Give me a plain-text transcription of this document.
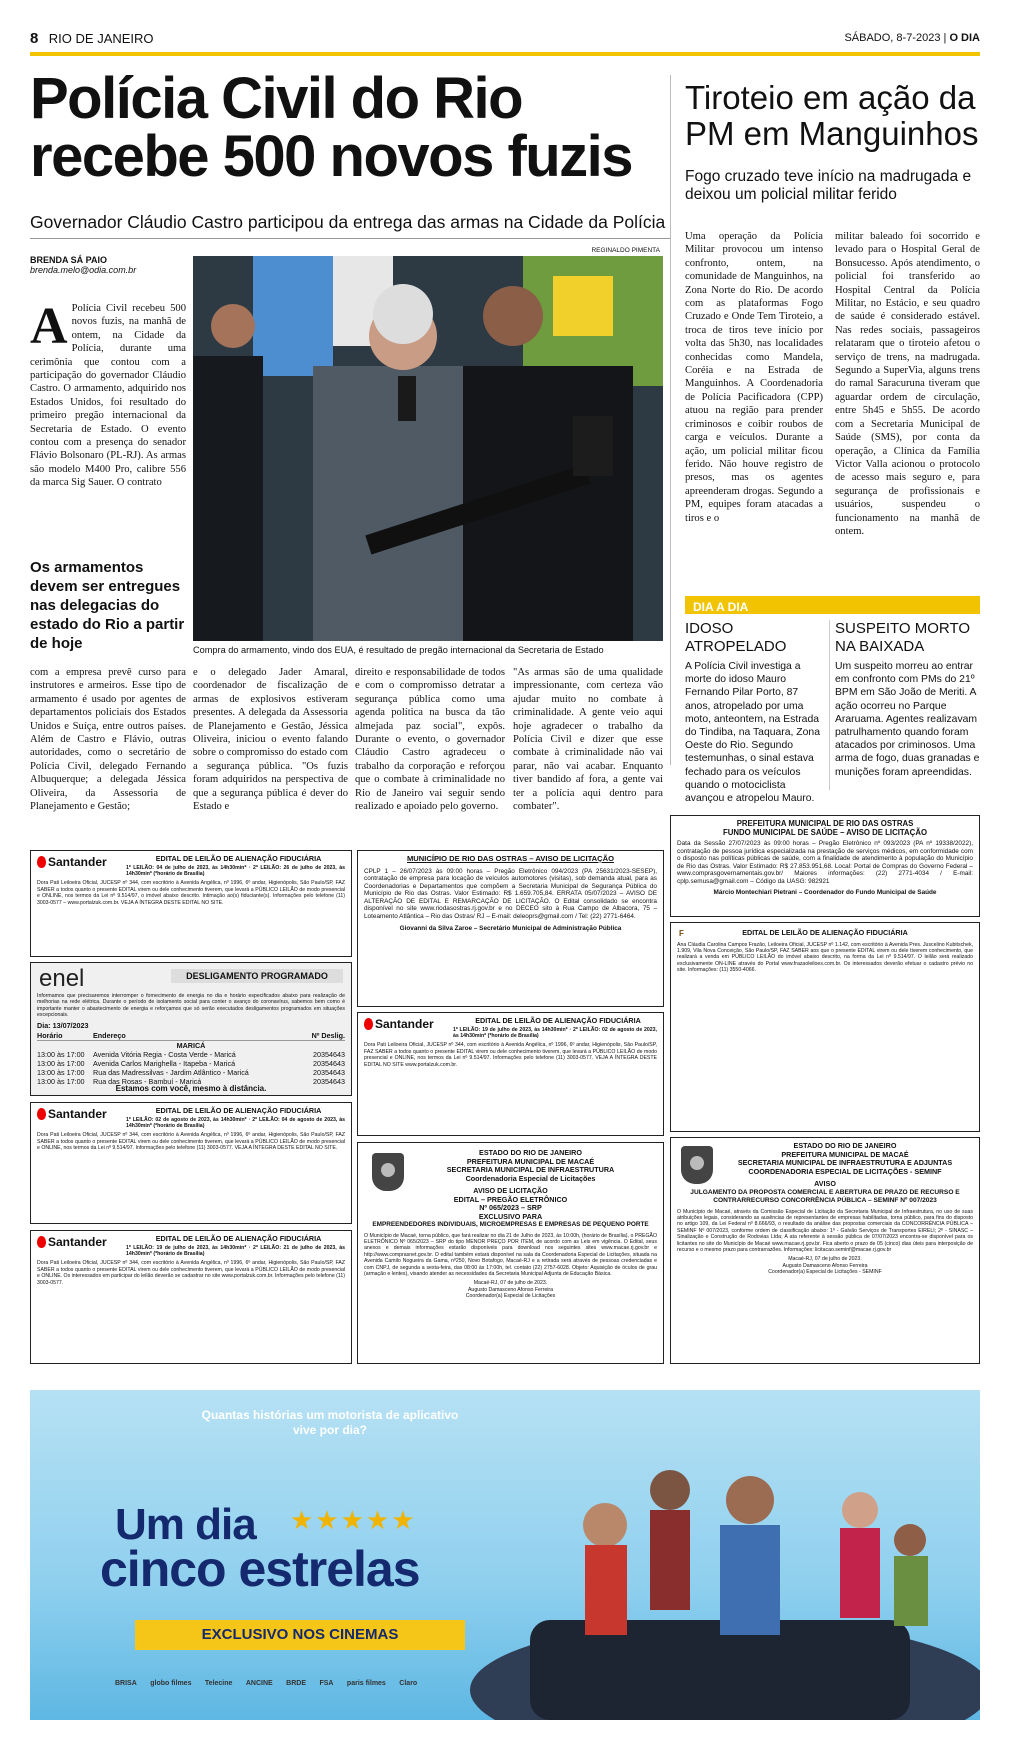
8 RIO DE JANEIRO	SÁBADO, 8-7-2023 | O DIA
Polícia Civil do Rio recebe 500 novos fuzis
Governador Cláudio Castro participou da entrega das armas na Cidade da Polícia
BRENDA SÁ PAIO
brenda.melo@odia.com.br
REGINALDO PIMENTA
Compra do armamento, vindo dos EUA, é resultado de pregão internacional da Secretaria de Estado
A Polícia Civil recebeu 500 novos fuzis, na manhã de ontem, na Cidade da Polícia, durante uma cerimônia que contou com a participação do governador Cláudio Castro. O armamento, adquirido nos Estados Unidos, foi resultado do primeiro pregão internacional da Secretaria de Estado. O evento contou com a presença do senador Flávio Bolsonaro (PL-RJ). As armas são modelo M400 Pro, calibre 556 da marca Sig Sauer. O contrato
Os armamentos devem ser entregues nas delegacias do estado do Rio a partir de hoje
com a empresa prevê curso para instrutores e armeiros. Esse tipo de armamento é usado por agentes de departamentos policiais dos Estados Unidos e Suíça, entre outros países. Além de Castro e Flávio, outras autoridades, como o secretário de Polícia Civil, delegado Fernando Albuquerque; a delegada Jéssica Oliveira, da Assessoria de Planejamento e Gestão;
e o delegado Jader Amaral, coordenador de fiscalização de armas de explosivos estiveram presentes. A delegada da Assessoria de Planejamento e Gestão, Jéssica Oliveira, iniciou o evento falando sobre o compromisso do estado com a segurança pública. "Os fuzis foram adquiridos na perspectiva de que a segurança pública é dever do Estado e
direito e responsabilidade de todos e com o compromisso detratar a segurança pública como uma agenda política na busca da tão almejada paz social", expôs. Durante o evento, o governador Cláudio Castro agradeceu o trabalho da corporação e reforçou que o combate à criminalidade no Rio de Janeiro vai seguir sendo realizado e apoiado pelo governo.
"As armas são de uma qualidade impressionante, com certeza vão ajudar muito no combate à criminalidade. A gente veio aqui hoje agradecer o trabalho da Polícia Civil e dizer que esse combate à criminalidade não vai parar, não vai acabar. Enquanto tiver bandido af fora, a gente vai ter a polícia aqui dentro para combater".
Tiroteio em ação da PM em Manguinhos
Fogo cruzado teve início na madrugada e deixou um policial militar ferido
Uma operação da Polícia Militar provocou um intenso confronto, ontem, na comunidade de Manguinhos, na Zona Norte do Rio. De acordo com as plataformas Fogo Cruzado e Onde Tem Tiroteio, a troca de tiros teve início por volta das 5h30, nas localidades conhecidas como Mandela, Coréia e na Estrada de Manguinhos. A Coordenadoria de Polícia Pacificadora (CPP) atuou na região para prender criminosos e coibir roubos de carga e veículos. Durante a ação, um policial militar ficou ferido. Não houve registro de presos, mas os agentes apreenderam drogas. Segundo a PM, equipes foram atacadas a tiros e o
militar baleado foi socorrido e levado para o Hospital Geral de Bonsucesso. Após atendimento, o policial foi transferido ao Hospital Central da Polícia Militar, no Estácio, e seu quadro de saúde é considerado estável. Nas redes sociais, passageiros relataram que o tiroteio afetou o serviço de trens, na madrugada. Segundo a SuperVia, alguns trens do ramal Saracuruna tiveram que aguardar ordem de circulação, entre 5h45 e 5h55. De acordo com a Secretaria Municipal de Saúde (SMS), por conta da operação, a Clínica da Família Victor Valla acionou o protocolo de acesso mais seguro e, para segurança de profissionais e usuários, suspendeu o funcionamento na manhã de ontem.
DIA A DIA
IDOSO ATROPELADO
SUSPEITO MORTO NA BAIXADA
A Polícia Civil investiga a morte do idoso Mauro Fernando Pilar Porto, 87 anos, atropelado por uma moto, anteontem, na Estrada do Tindiba, na Taquara, Zona Oeste do Rio. Segundo testemunhas, o sinal estava fechado para os veículos quando o motociclista avançou e atropelou Mauro.
Um suspeito morreu ao entrar em confronto com PMs do 21º BPM em São João de Meriti. A ação ocorreu no Parque Araruama. Agentes realizavam patrulhamento quando foram atacados por criminosos. Uma arma de fogo, duas granadas e munições foram apreendidas.
Santander	EDITAL DE LEILÃO DE ALIENAÇÃO FIDUCIÁRIA
1º LEILÃO: 04 de julho de 2023, às 14h30min* · 2º LEILÃO: 26 de julho de 2023, às 14h30min* (*horário de Brasília)
Dora Pati Leiloeira Oficial, JUCESP nº 344, com escritório à Avenida Angélica, nº 1996, 6º andar, Higienópolis, São Paulo/SP, FAZ SABER a todos quanto o presente EDITAL virem ou dele conhecimento tiverem, que levará a PÚBLICO LEILÃO de modo presencial e ONLINE, nos termos da Lei nº 9.514/97, o imóvel abaixo descrito. Intimação ao(s) fiduciante(s). Informações pelo telefone (11) 3003-0577 – www.portalzuk.com.br. VEJA A ÍNTEGRA DESTE EDITAL NO SITE.
MUNICÍPIO DE RIO DAS OSTRAS – AVISO DE LICITAÇÃO
CPLP 1 – 26/07/2023 às 09:00 horas – Pregão Eletrônico 094/2023 (PA 25631/2023-SESEP), contratação de empresa para locação de veículos automotores (visitas), sob demanda atual, para as Coordenadorias e Departamentos que compõem a Secretaria Municipal de Segurança Pública do Município de Rio das Ostras. Valor Estimado: R$ 1.659.705,84. ERRATA 05/07/2023 – AVISO DE ALTERAÇÃO DE EDITAL E REMARCAÇÃO DE LICITAÇÃO. O Edital consolidado se encontra disponível no site www.riodasostras.rj.gov.br e no DECEO sito à Rua Campo de Albacora, 75 – Loteamento Atlântica – Rio das Ostras/ RJ – E-mail: deleoprs@gmail.com / Tel: (22) 2771-6464.
Giovanni da Silva Zaroe – Secretário Municipal de Administração Pública
PREFEITURA MUNICIPAL DE RIO DAS OSTRAS
FUNDO MUNICIPAL DE SAÚDE – AVISO DE LICITAÇÃO
Data da Sessão 27/07/2023 às 09:00 horas – Pregão Eletrônico nº 093/2023 (PA nº 19338/2022), contratação de pessoa jurídica especializada na prestação de serviços médicos, em conformidade com o disposto nas políticas públicas de saúde, com a finalidade de atendimento à população do Município de Rio das Ostras. Valor Estimado: R$ 27.853.951,68. Local: Portal de Compras do Governo Federal – www.comprasgovernamentais.gov.br/ Maiores informações: (22) 2771-4034 / E-mail: cplp.semusa@gmail.com – Código da UASG: 982921
Márcio Montechiari Pietrani – Coordenador do Fundo Municipal de Saúde
F	EDITAL DE LEILÃO DE ALIENAÇÃO FIDUCIÁRIA
Ana Cláudia Carolina Campos Frazão, Leiloeira Oficial, JUCESP nº 1.142, com escritório à Avenida Pres. Juscelino Kubitschek, 1.909, Vila Nova Conceição, São Paulo/SP, FAZ SABER aos que o presente EDITAL virem ou dele tiverem conhecimento, que realizará a venda em PÚBLICO LEILÃO do imóvel abaixo descrito, na forma da Lei nº 9.514/97. O leilão será realizado exclusivamente ON-LINE através do Portal www.frazaoleiloes.com.br. Os interessados deverão efetuar o cadastro prévio no site. Informações: (11) 3550-4066.
enel	DESLIGAMENTO PROGRAMADO
Informamos que precisaremos interromper o fornecimento de energia no dia e horário especificados abaixo para realização de melhorias na rede elétrica. Durante o período de isolamento social para conter o avanço do coronavírus, sabemos bem como é importante manter o abastecimento de energia e reforçamos que só serão executados desligamentos programados em situações excepcionais.
Dia: 13/07/2023
Horário	Endereço	Nº Deslig.
MARICÁ
13:00 às 17:00	Avenida Vitória Regia - Costa Verde - Maricá	20354643
13:00 às 17:00	Avenida Carlos Marighella - Itapeba - Maricá	20354643
13:00 às 17:00	Rua das Madressilvas - Jardim Atlântico - Maricá	20354643
13:00 às 17:00	Rua das Rosas - Bambuí - Maricá	20354643
Estamos com você, mesmo à distância.
Santander	EDITAL DE LEILÃO DE ALIENAÇÃO FIDUCIÁRIA
1º LEILÃO: 19 de julho de 2023, às 14h30min* · 2º LEILÃO: 02 de agosto de 2023, às 14h30min* (*horário de Brasília)
Dora Pati Leiloeira Oficial, JUCESP nº 344, com escritório à Avenida Angélica, nº 1996, 6º andar, Higienópolis, São Paulo/SP, FAZ SABER a todos quanto o presente EDITAL virem ou dele conhecimento tiverem, que levará a PÚBLICO LEILÃO de modo presencial e ONLINE, nos termos da Lei nº 9.514/97. Informações pelo telefone (11) 3003-0577. VEJA A ÍNTEGRA DESTE EDITAL NO SITE www.portalzuk.com.br.
Santander	EDITAL DE LEILÃO DE ALIENAÇÃO FIDUCIÁRIA
1º LEILÃO: 02 de agosto de 2023, às 14h30min* · 2º LEILÃO: 04 de agosto de 2023, às 14h30min* (*horário de Brasília)
Dora Pati Leiloeira Oficial, JUCESP nº 344, com escritório à Avenida Angélica, nº 1996, 6º andar, Higienópolis, São Paulo/SP, FAZ SABER a todos quanto o presente EDITAL virem ou dele conhecimento tiverem, que levará a PÚBLICO LEILÃO de modo presencial e ONLINE, nos termos da Lei nº 9.514/97. Informações pelo telefone (11) 3003-0577. VEJA A ÍNTEGRA DESTE EDITAL NO SITE.
Santander	EDITAL DE LEILÃO DE ALIENAÇÃO FIDUCIÁRIA
1º LEILÃO: 19 de julho de 2023, às 14h30min* · 2º LEILÃO: 21 de julho de 2023, às 14h30min* (*horário de Brasília)
Dora Pati Leiloeira Oficial, JUCESP nº 344, com escritório à Avenida Angélica, nº 1996, 6º andar, Higienópolis, São Paulo/SP, FAZ SABER a todos quanto o presente EDITAL virem ou dele conhecimento tiverem, que levará a PÚBLICO LEILÃO de modo presencial e ONLINE. Os interessados em participar do leilão deverão se cadastrar no site www.portalzuk.com.br. Informações pelo telefone (11) 3003-0577.
ESTADO DO RIO DE JANEIRO
PREFEITURA MUNICIPAL DE MACAÉ
SECRETARIA MUNICIPAL DE INFRAESTRUTURA
Coordenadoria Especial de Licitações
AVISO DE LICITAÇÃO
EDITAL – PREGÃO ELETRÔNICO
Nº 065/2023 – SRP
EXCLUSIVO PARA
EMPREENDEDORES INDIVIDUAIS, MICROEMPRESAS E EMPRESAS DE PEQUENO PORTE
O Município de Macaé, torna público, que fará realizar no dia 21 de Julho de 2023, às 10:00h, (horário de Brasília), o PREGÃO ELETRÔNICO Nº 065/2023 – SRP do tipo MENOR PREÇO POR ITEM, de acordo com as Leis em vigência. O Edital, seus anexos e demais informações estarão disponíveis para download nos seguintes sites www.macae.rj.gov.br e http://www.comprasnet.gov.br. O edital também estará disponível na sala da Coordenadoria Especial de Licitações, situada na Avenida Camilo Nogueira da Gama, nº250, Novo Botafogo, Macaé-RJ e a retirada será através de pessoas credenciadas e com CNPJ, de segunda a sexta-feira, das 08:00 às 17:00h, tel. contato (22) 2757-6028. Objeto: Aquisição de óculos de grau (armação e lentes), visando atender as necessidades da Secretaria Municipal Adjunta de Educação Básica.
Macaé-RJ, 07 de julho de 2023.
Augusto Damasceno Afonso Ferreira
Coordenador(a) Especial de Licitações
ESTADO DO RIO DE JANEIRO
PREFEITURA MUNICIPAL DE MACAÉ
SECRETARIA MUNICIPAL DE INFRAESTRUTURA E ADJUNTAS
COORDENADORIA ESPECIAL DE LICITAÇÕES - SEMINF
AVISO
JULGAMENTO DA PROPOSTA COMERCIAL E ABERTURA DE PRAZO DE RECURSO E CONTRARRECURSO CONCORRÊNCIA PÚBLICA – SEMINF Nº 007/2023
O Município de Macaé, através da Comissão Especial de Licitação da Secretaria Municipal de Infraestrutura, no uso de suas atribuições legais, considerando as ausências de representantes de empresas habilitadas, torna público, para fins do disposto no artigo 109, da Lei Federal nº 8.666/93, o resultado da análise das propostas comerciais da CONCORRÊNCIA PÚBLICA – SEMINF Nº 007/2023, conforme ordem de classificação abaixo: 1º - Galvão Serviços de Transportes EIRELI; 2º - SINASC – Sinalização e Construção de Rodovias Ltda; A ata referente à sessão pública de 07/07/2023 encontra-se disponível para os licitantes no site do Município de Macaé www.macae.rj.gov.br. Fica aberto o prazo de 05 (cinco) dias úteis para interposição de recurso e o mesmo prazo para contrarrazões. Informações: licitacao.seminf@macae.rj.gov.br
Macaé-RJ, 07 de julho de 2023.
Augusto Damasceno Afonso Ferreira
Coordenador(a) Especial de Licitações - SEMINF
Quantas histórias um motorista de aplicativo vive por dia?
Um dia ★★★★★
cinco estrelas
EXCLUSIVO NOS CINEMAS
BRISA globo filmes Telecine ANCINE BRDE FSA paris filmes Claro
